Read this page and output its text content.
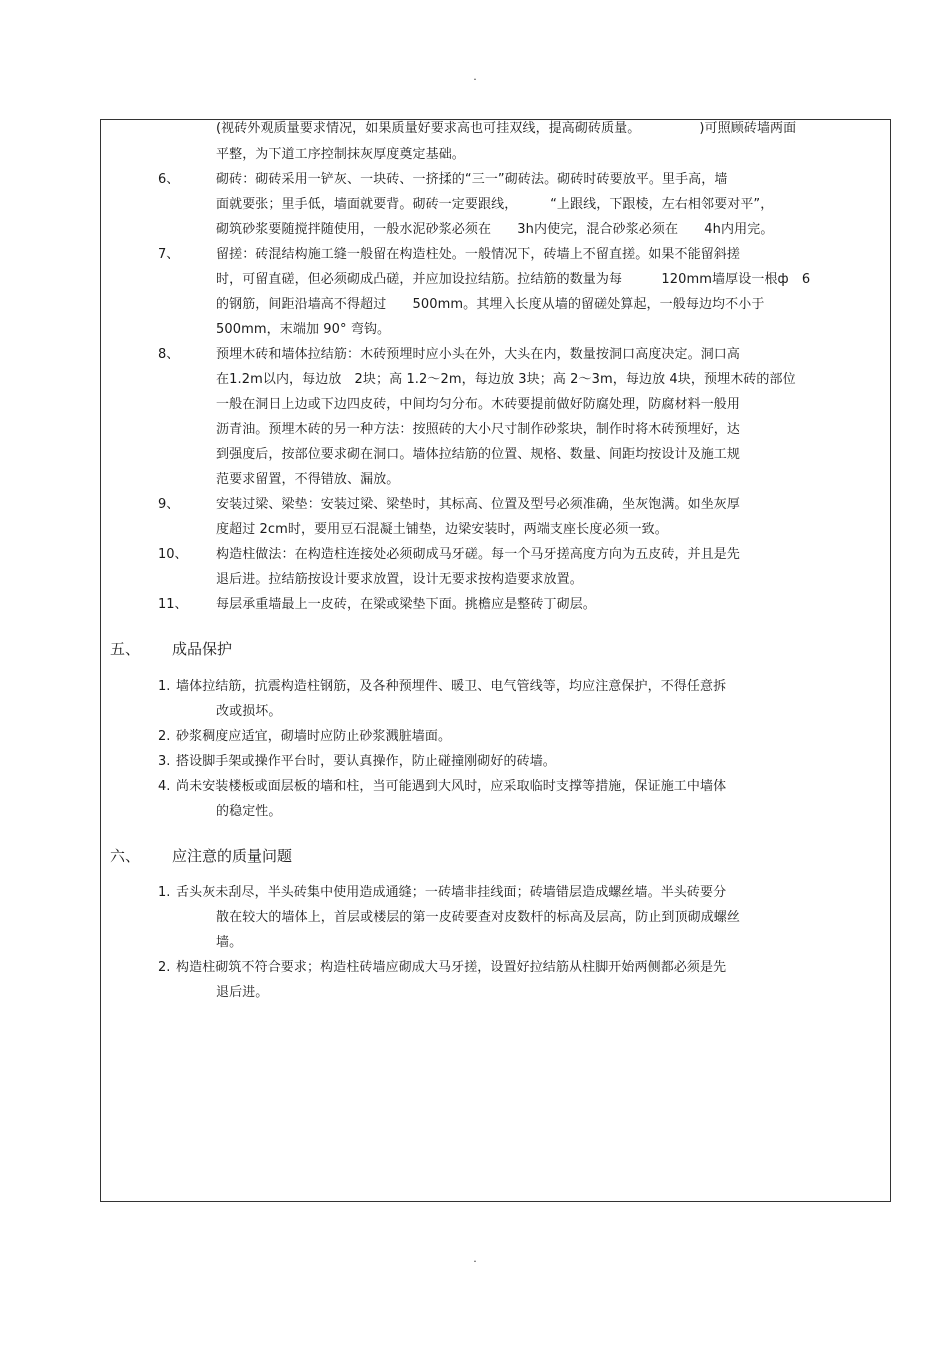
.
(视砖外观质量要求情况，如果质量好要求高也可挂双线，提高砌砖质量。　　　　　)可照顾砖墙两面
平整，为下道工序控制抹灰厚度奠定基础。
6、	砌砖：砌砖采用一铲灰、一块砖、一挤揉的“三一”砌砖法。砌砖时砖要放平。里手高，墙
面就要张；里手低，墙面就要背。砌砖一定要跟线，　　　“上跟线，下跟棱，左右相邻要对平”，
砌筑砂浆要随搅拌随使用，一般水泥砂浆必须在　　3h内使完，混合砂浆必须在　　4h内用完。
7、	留搓：砖混结构施工缝一般留在构造柱处。一般情况下，砖墙上不留直搓。如果不能留斜搓
时，可留直磋，但必须砌成凸磋，并应加设拉结筋。拉结筋的数量为每　　　120mm墙厚设一根ф　6
的钢筋，间距沿墙高不得超过　　500mm。其埋入长度从墙的留磋处算起，一般每边均不小于
500mm，末端加 90° 弯钩。
8、	预埋木砖和墙体拉结筋：木砖预埋时应小头在外，大头在内，数量按洞口高度决定。洞口高
在1.2m以内，每边放　2块；高 1.2～2m，每边放 3块；高 2～3m，每边放 4块，预埋木砖的部位
一般在洞日上边或下边四皮砖，中间均匀分布。木砖要提前做好防腐处理，防腐材料一般用
沥青油。预埋木砖的另一种方法：按照砖的大小尺寸制作砂浆块，制作时将木砖预埋好，达
到强度后，按部位要求砌在洞口。墙体拉结筋的位置、规格、数量、间距均按设计及施工规
范要求留置，不得错放、漏放。
9、	安装过梁、梁垫：安装过梁、梁垫时，其标高、位置及型号必须准确，坐灰饱满。如坐灰厚
度超过 2cm时，要用豆石混凝土铺垫，边梁安装时，两端支座长度必须一致。
10、 构造柱做法：在构造柱连接处必须砌成马牙磋。每一个马牙搓高度方向为五皮砖，并且是先
退后进。拉结筋按设计要求放置，设计无要求按构造要求放置。
11、 每层承重墙最上一皮砖，在梁或梁垫下面。挑檐应是整砖丁砌层。
五、 成品保护
1. 墙体拉结筋，抗震构造柱钢筋，及各种预埋件、暖卫、电气管线等，均应注意保护，不得任意拆
改或损坏。
2. 砂浆稠度应适宜，砌墙时应防止砂浆溅脏墙面。
3. 搭设脚手架或操作平台时，要认真操作，防止碰撞刚砌好的砖墙。
4. 尚未安装楼板或面层板的墙和柱，当可能遇到大风时，应采取临时支撑等措施，保证施工中墙体
的稳定性。
六、 应注意的质量问题
1. 舌头灰未刮尽，半头砖集中使用造成通缝；一砖墙非挂线面；砖墙错层造成螺丝墙。半头砖要分
散在较大的墙体上，首层或楼层的第一皮砖要查对皮数杆的标高及层高，防止到顶砌成螺丝
墙。
2. 构造柱砌筑不符合要求；构造柱砖墙应砌成大马牙搓，设置好拉结筋从柱脚开始两侧都必须是先
退后进。
.
